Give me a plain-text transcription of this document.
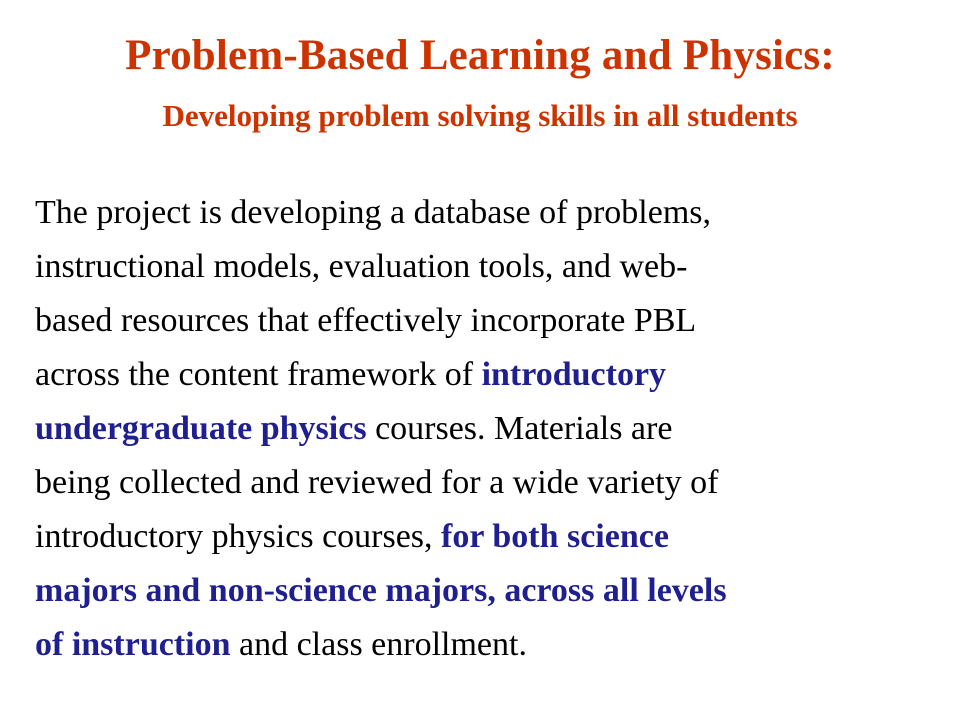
Problem-Based Learning and Physics:
Developing problem solving skills in all students

The project is developing a database of problems,
instructional models, evaluation tools, and web-
based resources that effectively incorporate PBL
across the content framework of introductory
undergraduate physics courses. Materials are
being collected and reviewed for a wide variety of
introductory physics courses, for both science
majors and non-science majors, across all levels
of instruction and class enrollment.
